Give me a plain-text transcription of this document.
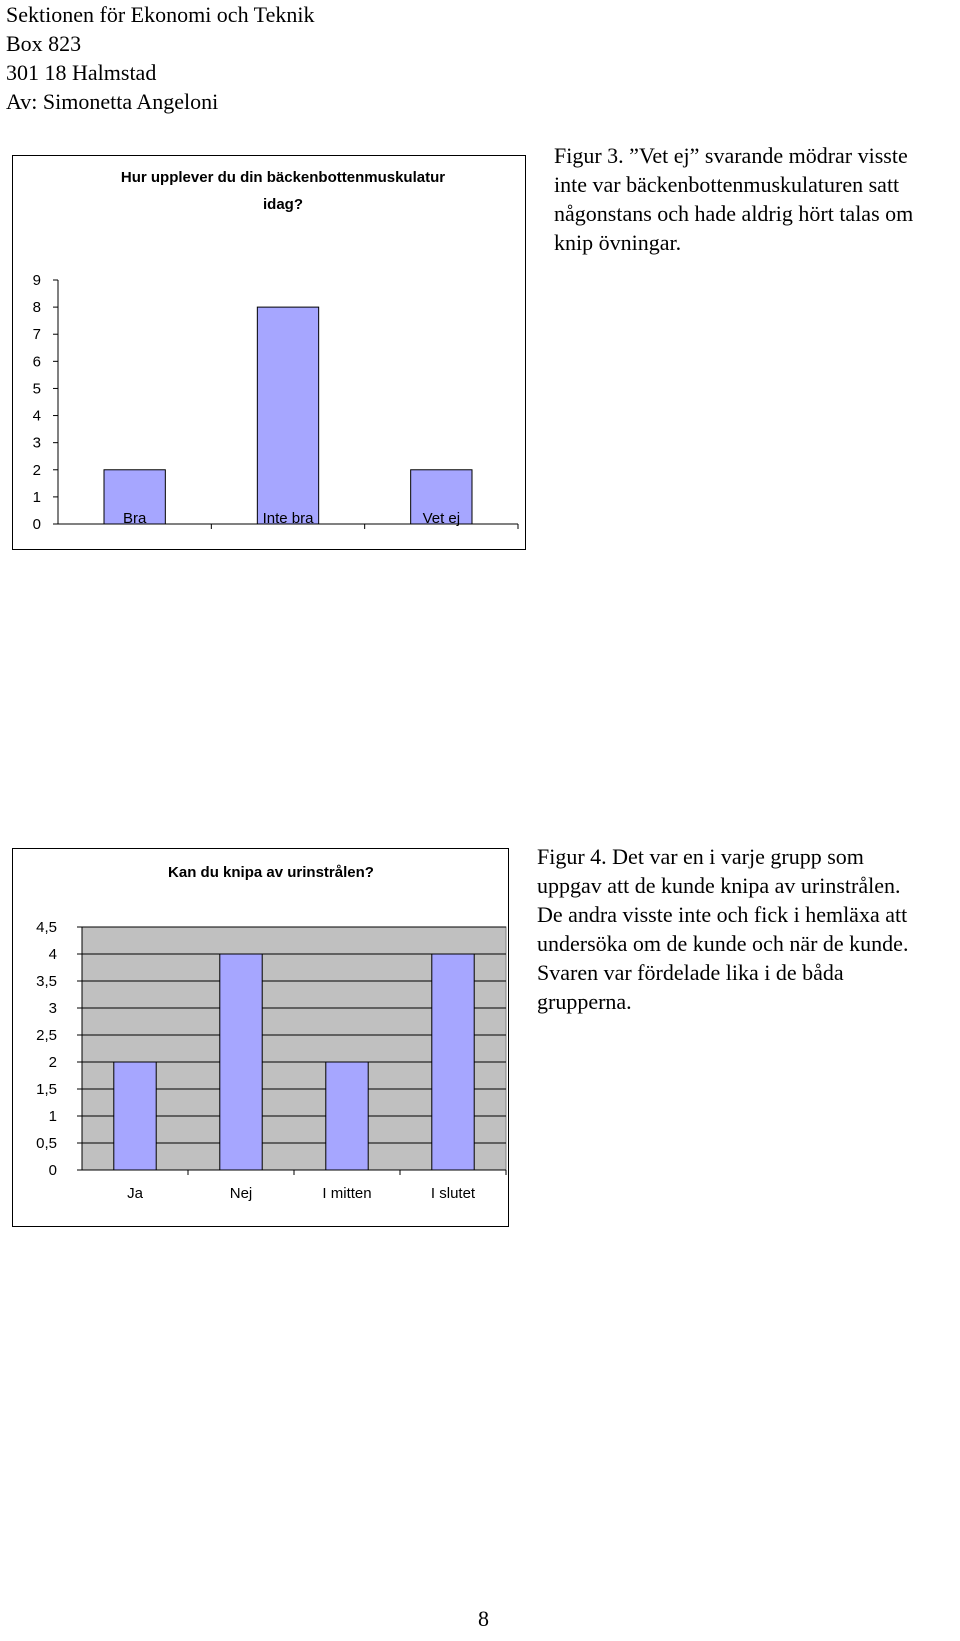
Sektionen för Ekonomi och Teknik
Box 823
301 18 Halmstad
Av: Simonetta Angeloni
0
1
2
3
4
5
6
7
8
9
Bra	Inte bra	Vet ej
Hur upplever du din bäckenbottenmuskulatur
idag?
Figur 3. ”Vet ej” svarande mödrar visste inte var bäckenbottenmuskulaturen satt någonstans och hade aldrig hört talas om knip övningar.
0
0,5
1
1,5
2
2,5
3
3,5
4
4,5
Ja	Nej	I mitten	I slutet
Kan du knipa av urinstrålen?
Figur 4. Det var en i varje grupp som uppgav att de kunde knipa av urinstrålen. De andra visste inte och fick i hemläxa att undersöka om de kunde och när de kunde. Svaren var fördelade lika i de båda grupperna.
8
